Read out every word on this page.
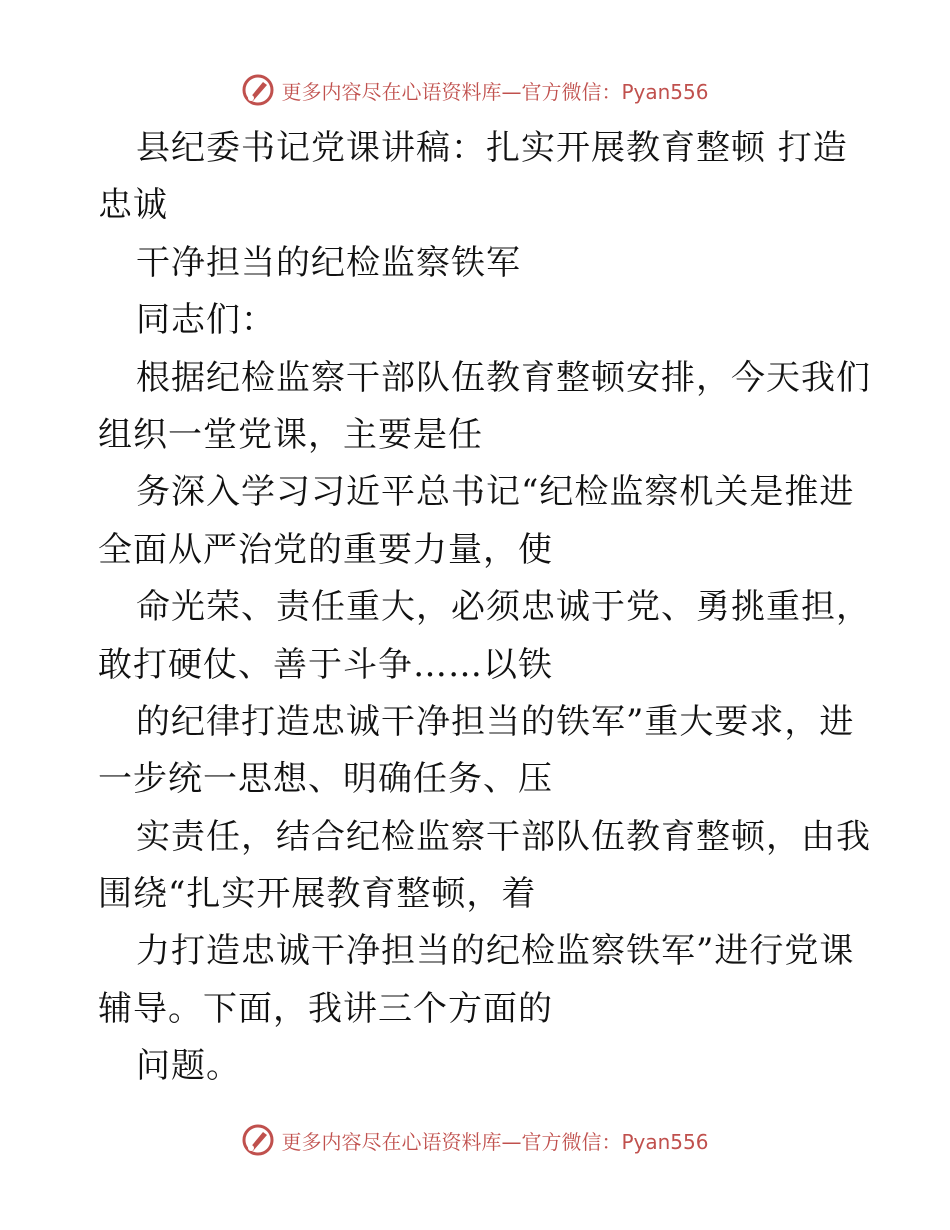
更多内容尽在心语资料库—官方微信：Pyan556
县纪委书记党课讲稿：扎实开展教育整顿 打造
忠诚
干净担当的纪检监察铁军
同志们：
根据纪检监察干部队伍教育整顿安排，今天我们
组织一堂党课，主要是任
务深入学习习近平总书记“纪检监察机关是推进
全面从严治党的重要力量，使
命光荣、责任重大，必须忠诚于党、勇挑重担，
敢打硬仗、善于斗争……以铁
的纪律打造忠诚干净担当的铁军”重大要求，进
一步统一思想、明确任务、压
实责任，结合纪检监察干部队伍教育整顿，由我
围绕“扎实开展教育整顿，着
力打造忠诚干净担当的纪检监察铁军”进行党课
辅导。下面，我讲三个方面的
问题。
更多内容尽在心语资料库—官方微信：Pyan556
